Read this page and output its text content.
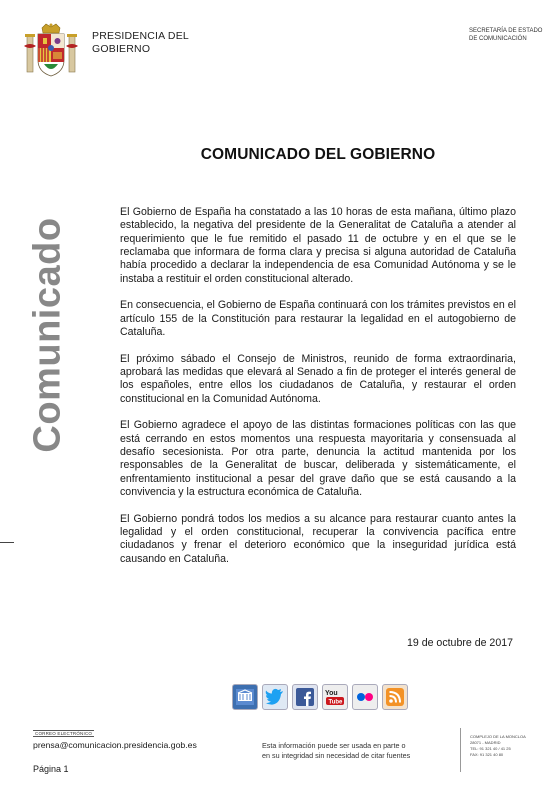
PRESIDENCIA DEL
GOBIERNO
SECRETARÍA DE ESTADO
DE COMUNICACIÓN
Comunicado
COMUNICADO DEL GOBIERNO

El Gobierno de España ha constatado a las 10 horas de esta mañana, último plazo establecido, la negativa del presidente de la Generalitat de Cataluña a atender al requerimiento que le fue remitido el pasado 11 de octubre y en el que se le reclamaba que informara de forma clara y precisa si alguna autoridad de Cataluña había procedido a declarar la independencia de esa Comunidad Autónoma y se le instaba a restituir el orden constitucional alterado.

En consecuencia, el Gobierno de España continuará con los trámites previstos en el artículo 155 de la Constitución para restaurar la legalidad en el autogobierno de Cataluña.

El próximo sábado el Consejo de Ministros, reunido de forma extraordinaria, aprobará las medidas que elevará al Senado a fin de proteger el interés general de los españoles, entre ellos los ciudadanos de Cataluña, y restaurar el orden constitucional en la Comunidad Autónoma.

El Gobierno agradece el apoyo de las distintas formaciones políticas con las que está cerrando en estos momentos una respuesta mayoritaria y consensuada al desafío secesionista. Por otra parte, denuncia la actitud mantenida por los responsables de la Generalitat de buscar, deliberada y sistemáticamente, el enfrentamiento institucional a pesar del grave daño que se está causando a la convivencia y la estructura económica de Cataluña.

El Gobierno pondrá todos los medios a su alcance para restaurar cuanto antes la legalidad y el orden constitucional, recuperar la convivencia pacífica entre ciudadanos y frenar el deterioro económico que la inseguridad jurídica está causando en Cataluña.

19 de octubre de 2017
You
Tube
CORREO ELECTRÓNICO
prensa@comunicacion.presidencia.gob.es
Página 1
Esta información puede ser usada en parte o
en su integridad sin necesidad de citar fuentes
COMPLEJO DE LA MONCLOA
28071 - MADRID
TEL: 91 321 40 / 41 25
FAX: 91 321 40 80
